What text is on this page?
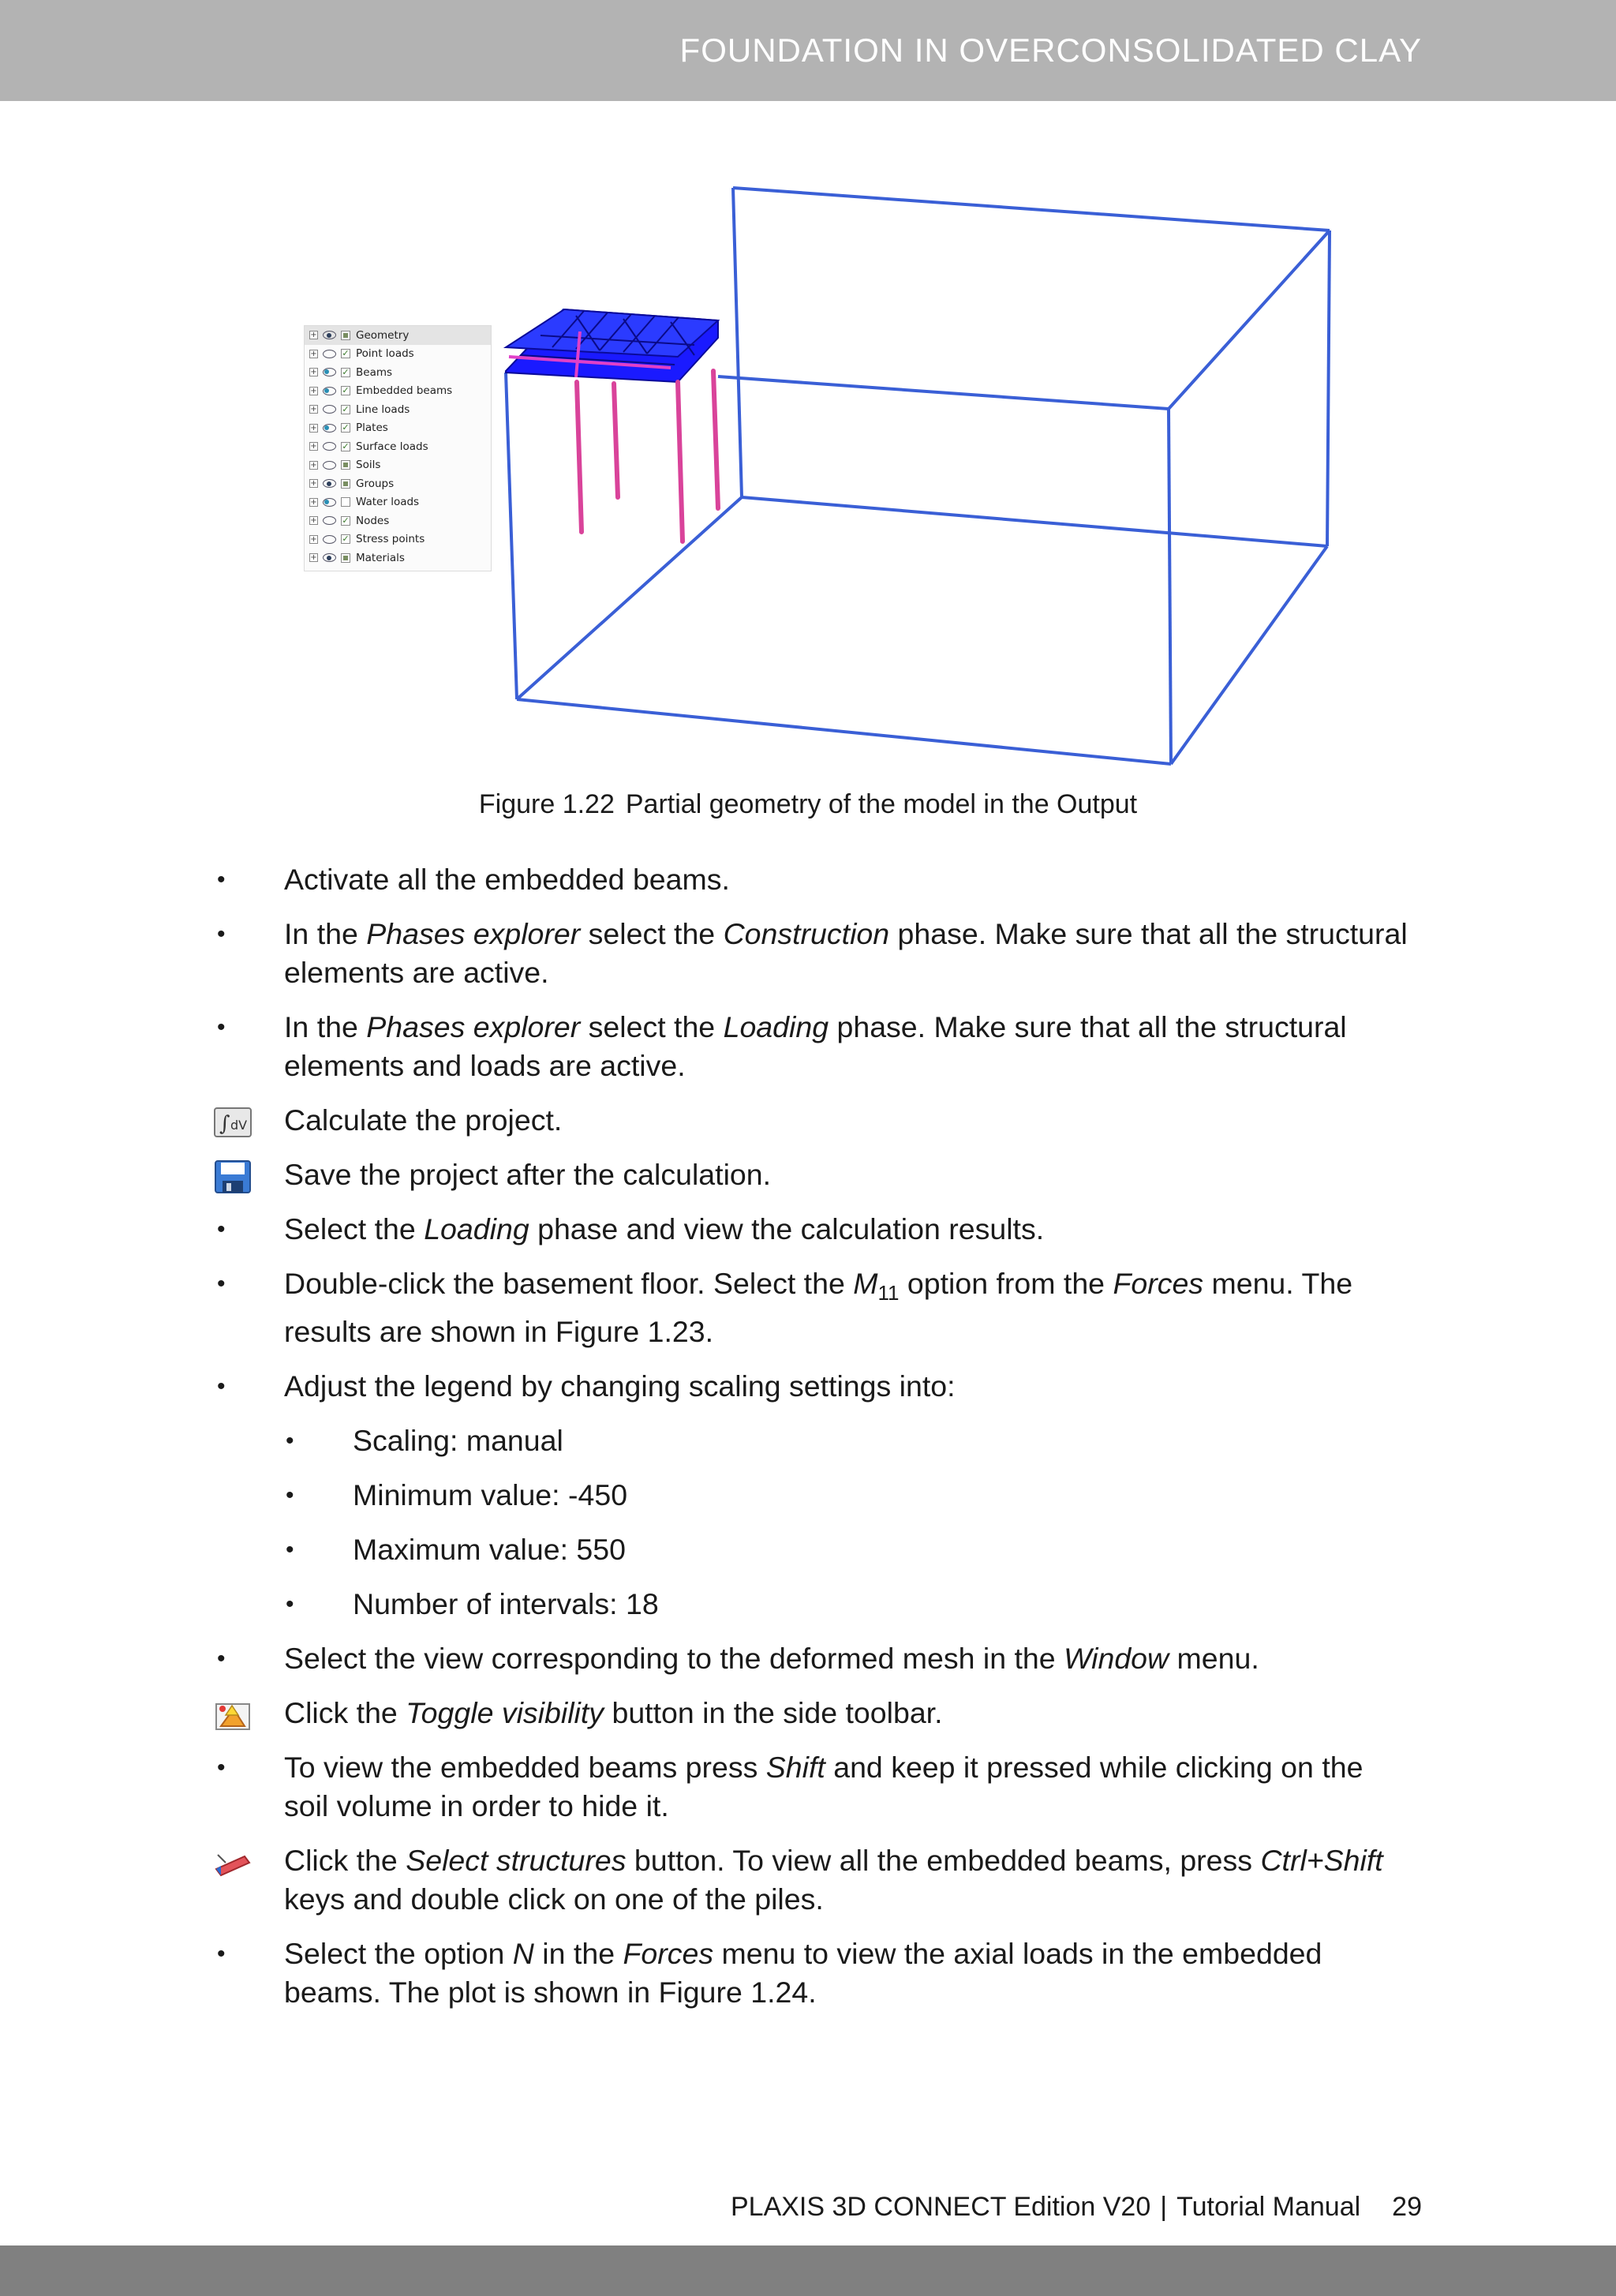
FOUNDATION IN OVERCONSOLIDATED CLAY
+	Geometry
+	✓ Point loads
+	✓ Beams
+	✓ Embedded beams
+	✓ Line loads
+	✓ Plates
+	✓ Surface loads
+	Soils
+	Groups
+	Water loads
+	✓ Nodes
+	✓ Stress points
+	Materials
Figure 1.22 Partial geometry of the model in the Output
•	Activate all the embedded beams.
•	In the Phases explorer select the Construction phase. Make sure that all the structural elements are active.
•	In the Phases explorer select the Loading phase. Make sure that all the structural elements and loads are active.
∫ dV Calculate the project.
Save the project after the calculation.
•	Select the Loading phase and view the calculation results.
•	Double-click the basement floor. Select the $M_{11}$ option from the Forces menu. The results are shown in Figure 1.23.
•	Adjust the legend by changing scaling settings into:
•	Scaling: manual
•	Minimum value: -450
•	Maximum value: 550
•	Number of intervals: 18
•	Select the view corresponding to the deformed mesh in the Window menu.
Click the Toggle visibility button in the side toolbar.
•	To view the embedded beams press Shift and keep it pressed while clicking on the soil volume in order to hide it.
Click the Select structures button. To view all the embedded beams, press Ctrl+Shift keys and double click on one of the piles.
•	Select the option N in the Forces menu to view the axial loads in the embedded beams. The plot is shown in Figure 1.24.
PLAXIS 3D CONNECT Edition V20 | Tutorial Manual 29
